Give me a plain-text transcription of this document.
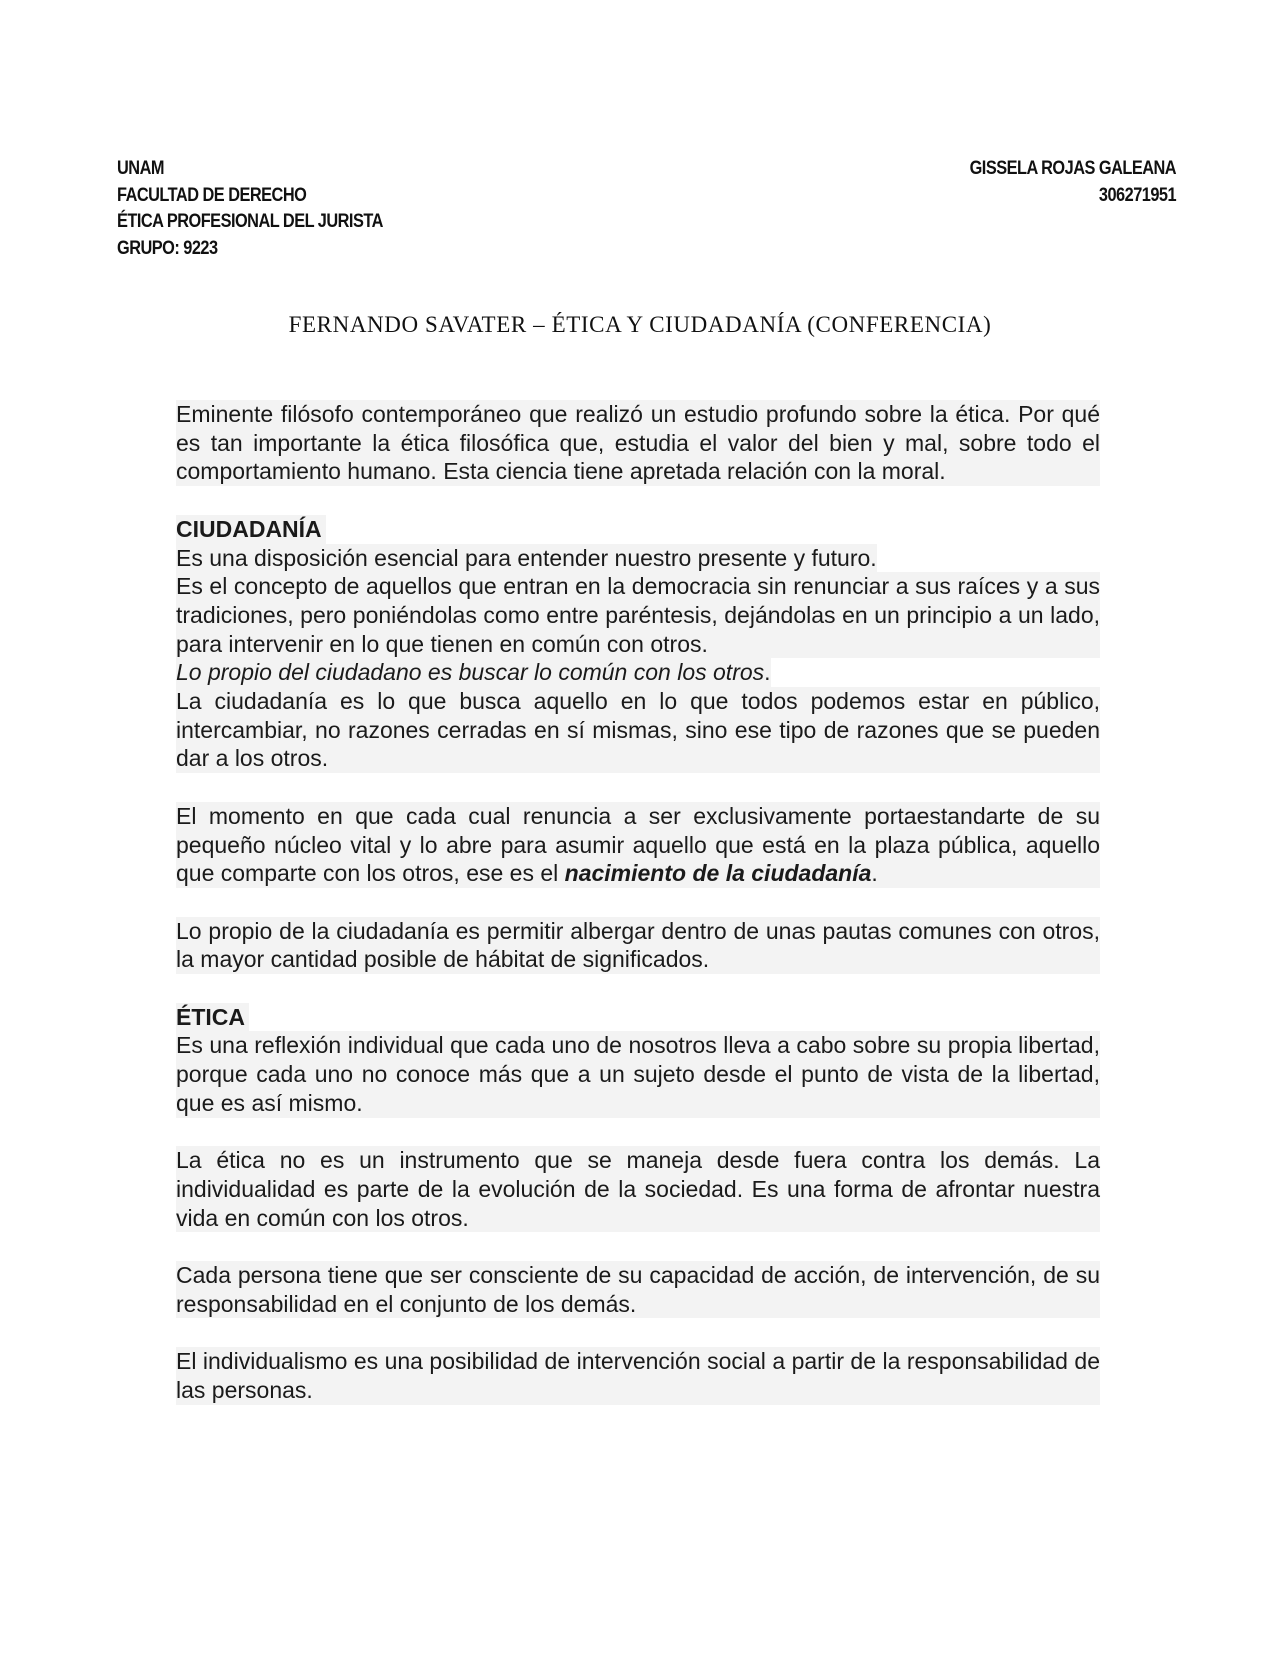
UNAM
FACULTAD DE DERECHO
ÉTICA PROFESIONAL DEL JURISTA
GRUPO: 9223
GISSELA ROJAS GALEANA
306271951
FERNANDO SAVATER – ÉTICA Y CIUDADANÍA (CONFERENCIA)

Eminente filósofo contemporáneo que realizó un estudio profundo sobre la ética. Por qué es tan importante la ética filosófica que, estudia el valor del bien y mal, sobre todo el comportamiento humano. Esta ciencia tiene apretada relación con la moral.

CIUDADANÍA

Es una disposición esencial para entender nuestro presente y futuro.

Es el concepto de aquellos que entran en la democracia sin renunciar a sus raíces y a sus tradiciones, pero poniéndolas como entre paréntesis, dejándolas en un principio a un lado, para intervenir en lo que tienen en común con otros.

Lo propio del ciudadano es buscar lo común con los otros.

La ciudadanía es lo que busca aquello en lo que todos podemos estar en público, intercambiar, no razones cerradas en sí mismas, sino ese tipo de razones que se pueden dar a los otros.

El momento en que cada cual renuncia a ser exclusivamente portaestandarte de su pequeño núcleo vital y lo abre para asumir aquello que está en la plaza pública, aquello que comparte con los otros, ese es el nacimiento de la ciudadanía.

Lo propio de la ciudadanía es permitir albergar dentro de unas pautas comunes con otros, la mayor cantidad posible de hábitat de significados.

ÉTICA

Es una reflexión individual que cada uno de nosotros lleva a cabo sobre su propia libertad, porque cada uno no conoce más que a un sujeto desde el punto de vista de la libertad, que es así mismo.

La ética no es un instrumento que se maneja desde fuera contra los demás. La individualidad es parte de la evolución de la sociedad. Es una forma de afrontar nuestra vida en común con los otros.

Cada persona tiene que ser consciente de su capacidad de acción, de intervención, de su responsabilidad en el conjunto de los demás.

El individualismo es una posibilidad de intervención social a partir de la responsabilidad de las personas.
